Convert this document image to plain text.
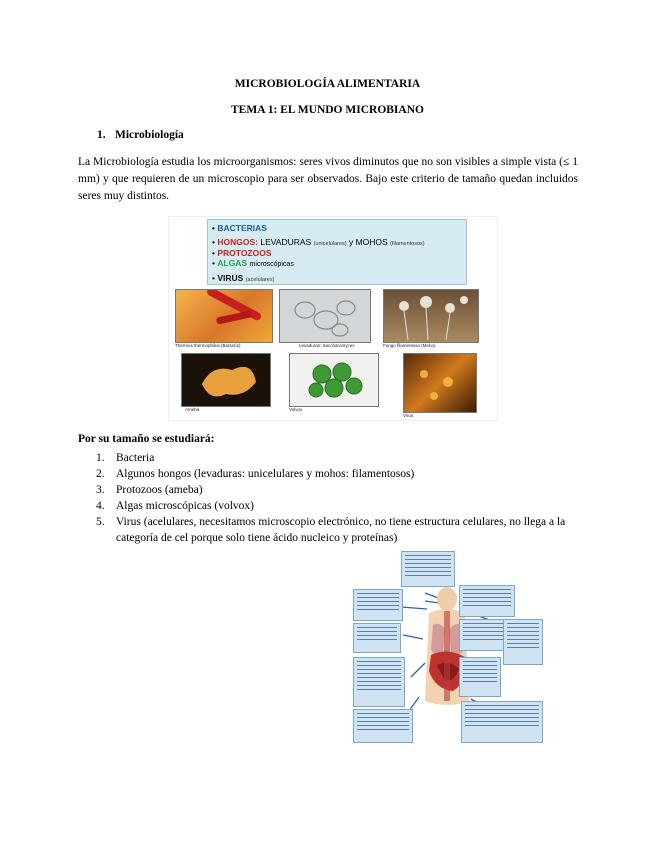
MICROBIOLOGÍA ALIMENTARIA
TEMA 1: EL MUNDO MICROBIANO
1. Microbiología
La Microbiología estudia los microorganismos: seres vivos diminutos que no son visibles a simple vista (≤ 1 mm) y que requieren de un microscopio para ser observados. Bajo este criterio de tamaño quedan incluidos seres muy distintos.
• BACTERIAS
• HONGOS: LEVADURAS (unicelulares) y MOHOS (filamentosos)
• PROTOZOOS
• ALGAS microscópicas
• VIRUS (acelulares)
Thermus thermophilus (Bacteria)	Levaduras: Saccharomyces	Fungo filamentoso (Moho)
Ameba	Volvox
Virus
Por su tamaño se estudiará:
1. Bacteria
2. Algunos hongos (levaduras: unicelulares y mohos: filamentosos)
3. Protozoos (ameba)
4. Algas microscópicas (volvox)
5. Virus (acelulares, necesitamos microscopio electrónico, no tiene estructura celulares, no llega a la categoría de cel porque solo tiene ácido nucleico y proteínas)
